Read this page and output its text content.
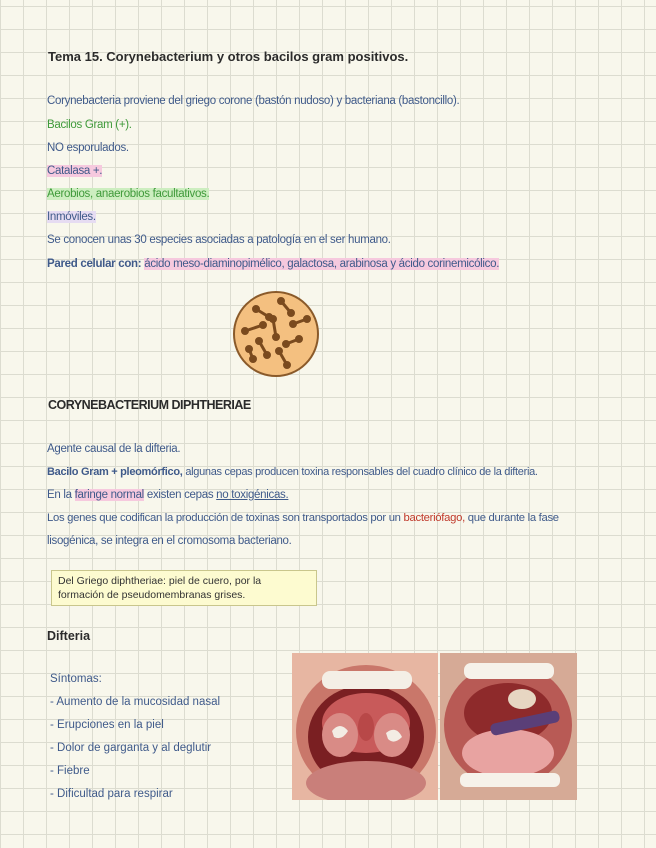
Tema 15. Corynebacterium y otros bacilos gram positivos.
Corynebacteria proviene del griego corone (bastón nudoso) y bacteriana (bastoncillo).
Bacilos Gram (+).
NO esporulados.
Catalasa +.
Aerobios, anaerobios facultativos.
Inmóviles.
Se conocen unas 30 especies asociadas a patología en el ser humano.
Pared celular con: ácido meso-diaminopimélico, galactosa, arabinosa y ácido corinemicólico.
CORYNEBACTERIUM DIPHTHERIAE
Agente causal de la difteria.
Bacilo Gram + pleomórfico, algunas cepas producen toxina responsables del cuadro clínico de la difteria.
En la faringe normal existen cepas no toxigénicas.
Los genes que codifican la producción de toxinas son transportados por un bacteriófago, que durante la fase
lisogénica, se integra en el cromosoma bacteriano.
Del Griego diphtheriae: piel de cuero, por la formación de pseudomembranas grises.
Difteria
Síntomas:
- Aumento de la mucosidad nasal
- Erupciones en la piel
- Dolor de garganta y al deglutir
- Fiebre
- Dificultad para respirar
